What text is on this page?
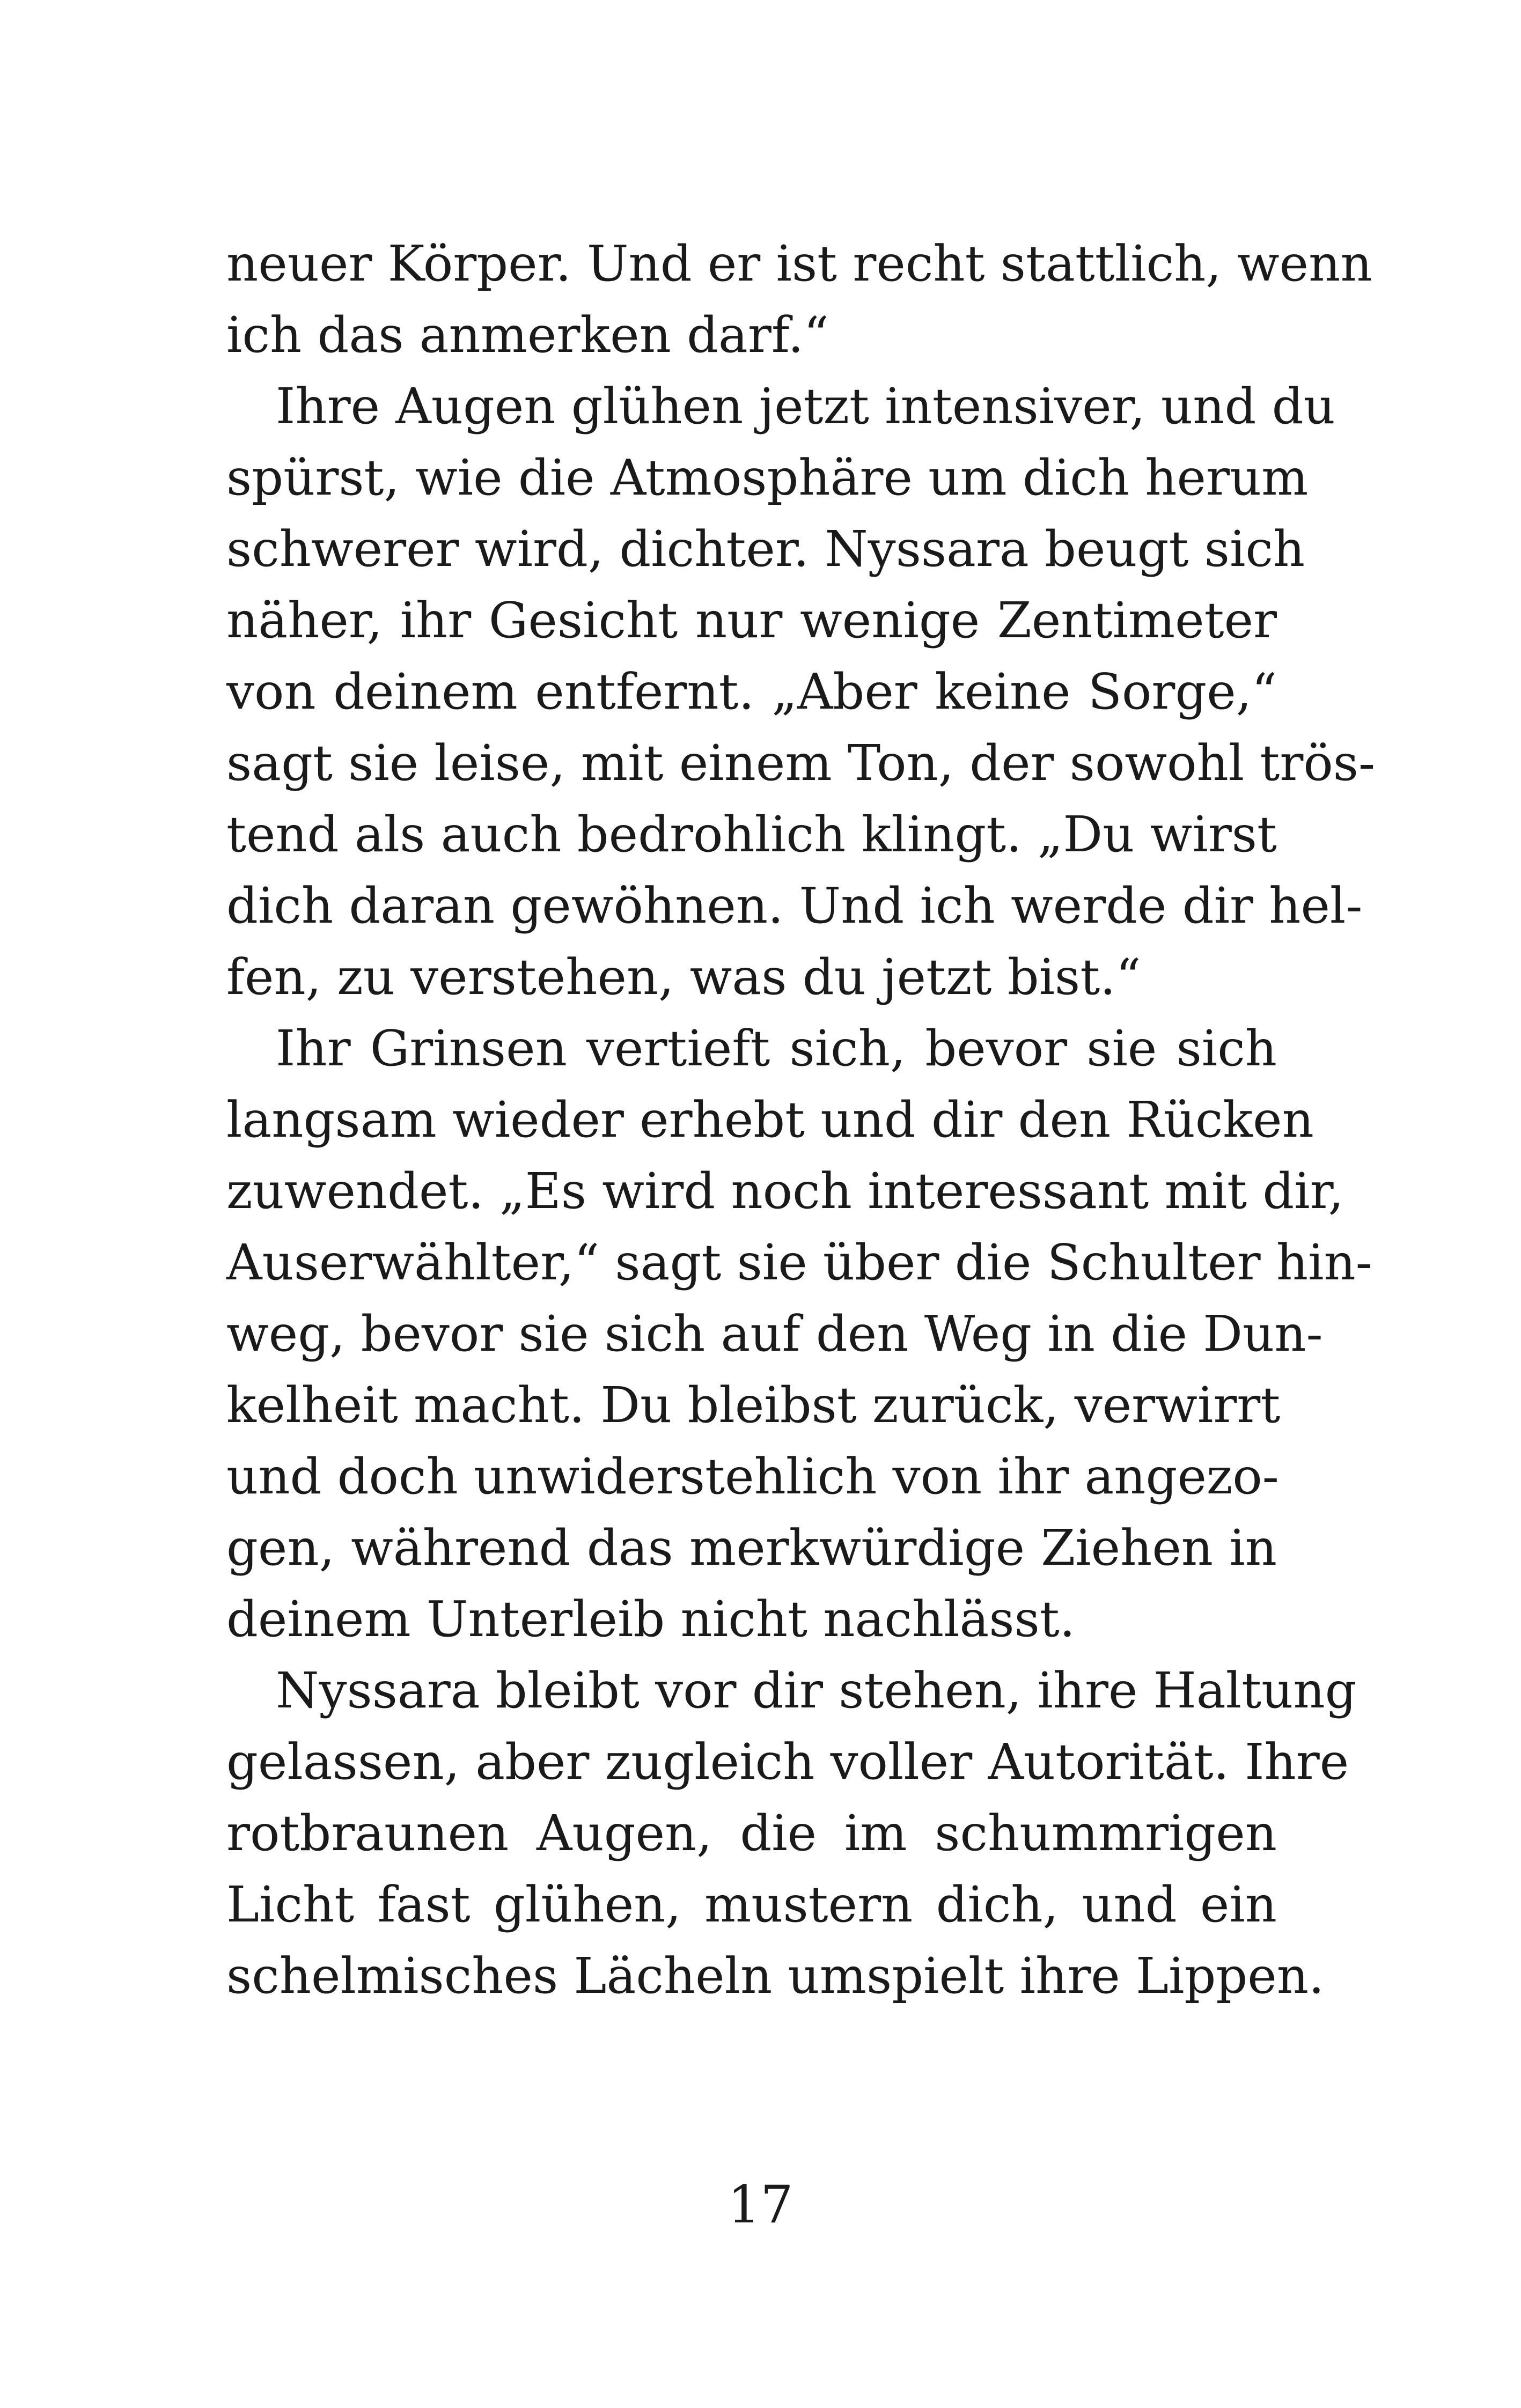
neuer Körper. Und er ist recht stattlich, wenn
ich das anmerken darf.“
Ihre Augen glühen jetzt intensiver, und du
spürst, wie die Atmosphäre um dich herum
schwerer wird, dichter. Nyssara beugt sich
näher, ihr Gesicht nur wenige Zentimeter
von deinem entfernt. „Aber keine Sorge,“
sagt sie leise, mit einem Ton, der sowohl trös-
tend als auch bedrohlich klingt. „Du wirst
dich daran gewöhnen. Und ich werde dir hel-
fen, zu verstehen, was du jetzt bist.“
Ihr Grinsen vertieft sich, bevor sie sich
langsam wieder erhebt und dir den Rücken
zuwendet. „Es wird noch interessant mit dir,
Auserwählter,“ sagt sie über die Schulter hin-
weg, bevor sie sich auf den Weg in die Dun-
kelheit macht. Du bleibst zurück, verwirrt
und doch unwiderstehlich von ihr angezo-
gen, während das merkwürdige Ziehen in
deinem Unterleib nicht nachlässt.
Nyssara bleibt vor dir stehen, ihre Haltung
gelassen, aber zugleich voller Autorität. Ihre
rotbraunen Augen, die im schummrigen
Licht fast glühen, mustern dich, und ein
schelmisches Lächeln umspielt ihre Lippen.
17
